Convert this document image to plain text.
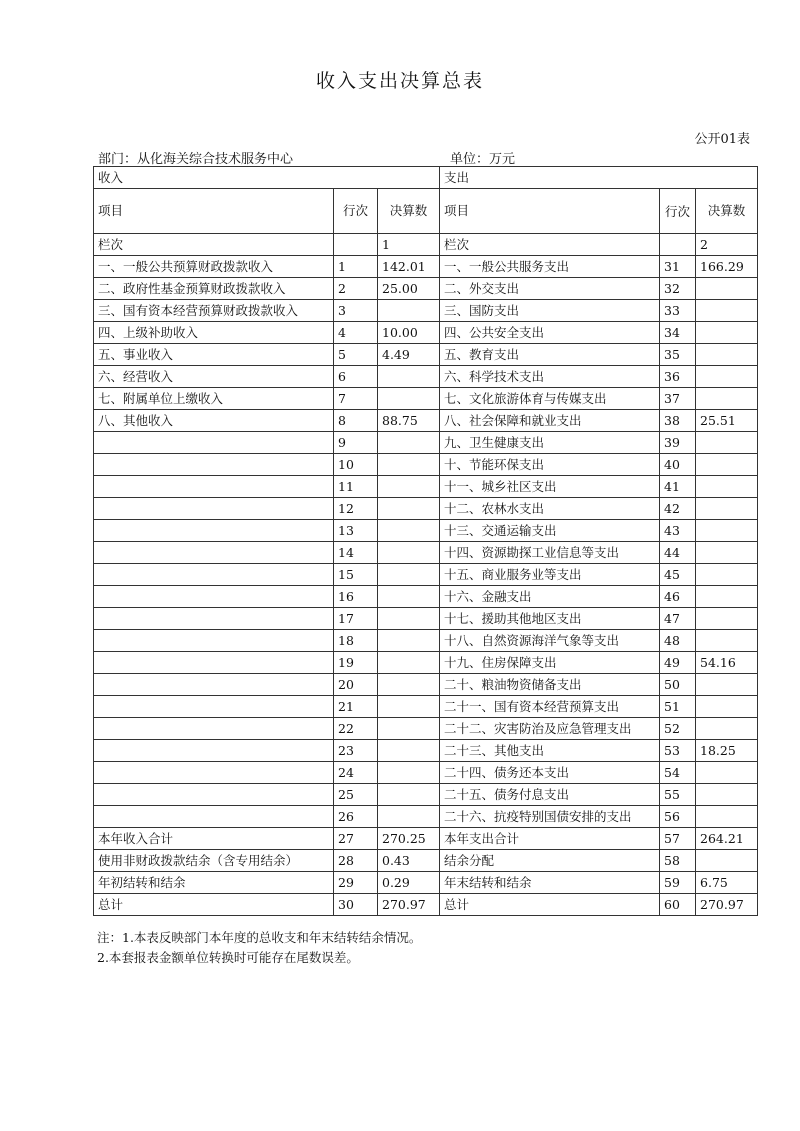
收入支出决算总表
公开01表
部门：从化海关综合技术服务中心	单位：万元
收入			支出		
项目	行次	决算数	项目	行次	决算数
栏次		1	栏次		2
一、一般公共预算财政拨款收入	1	142.01	一、一般公共服务支出	31	166.29
二、政府性基金预算财政拨款收入	2	25.00	二、外交支出	32	
三、国有资本经营预算财政拨款收入	3		三、国防支出	33	
四、上级补助收入	4	10.00	四、公共安全支出	34	
五、事业收入	5	4.49	五、教育支出	35	
六、经营收入	6		六、科学技术支出	36	
七、附属单位上缴收入	7		七、文化旅游体育与传媒支出	37	
八、其他收入	8	88.75	八、社会保障和就业支出	38	25.51
	9		九、卫生健康支出	39	
	10		十、节能环保支出	40	
	11		十一、城乡社区支出	41	
	12		十二、农林水支出	42	
	13		十三、交通运输支出	43	
	14		十四、资源勘探工业信息等支出	44	
	15		十五、商业服务业等支出	45	
	16		十六、金融支出	46	
	17		十七、援助其他地区支出	47	
	18		十八、自然资源海洋气象等支出	48	
	19		十九、住房保障支出	49	54.16
	20		二十、粮油物资储备支出	50	
	21		二十一、国有资本经营预算支出	51	
	22		二十二、灾害防治及应急管理支出	52	
	23		二十三、其他支出	53	18.25
	24		二十四、债务还本支出	54	
	25		二十五、债务付息支出	55	
	26		二十六、抗疫特别国债安排的支出	56	
本年收入合计	27	270.25	本年支出合计	57	264.21
使用非财政拨款结余（含专用结余）	28	0.43	结余分配	58	
年初结转和结余	29	0.29	年末结转和结余	59	6.75
总计	30	270.97	总计	60	270.97
注：1.本表反映部门本年度的总收支和年末结转结余情况。
2.本套报表金额单位转换时可能存在尾数误差。
